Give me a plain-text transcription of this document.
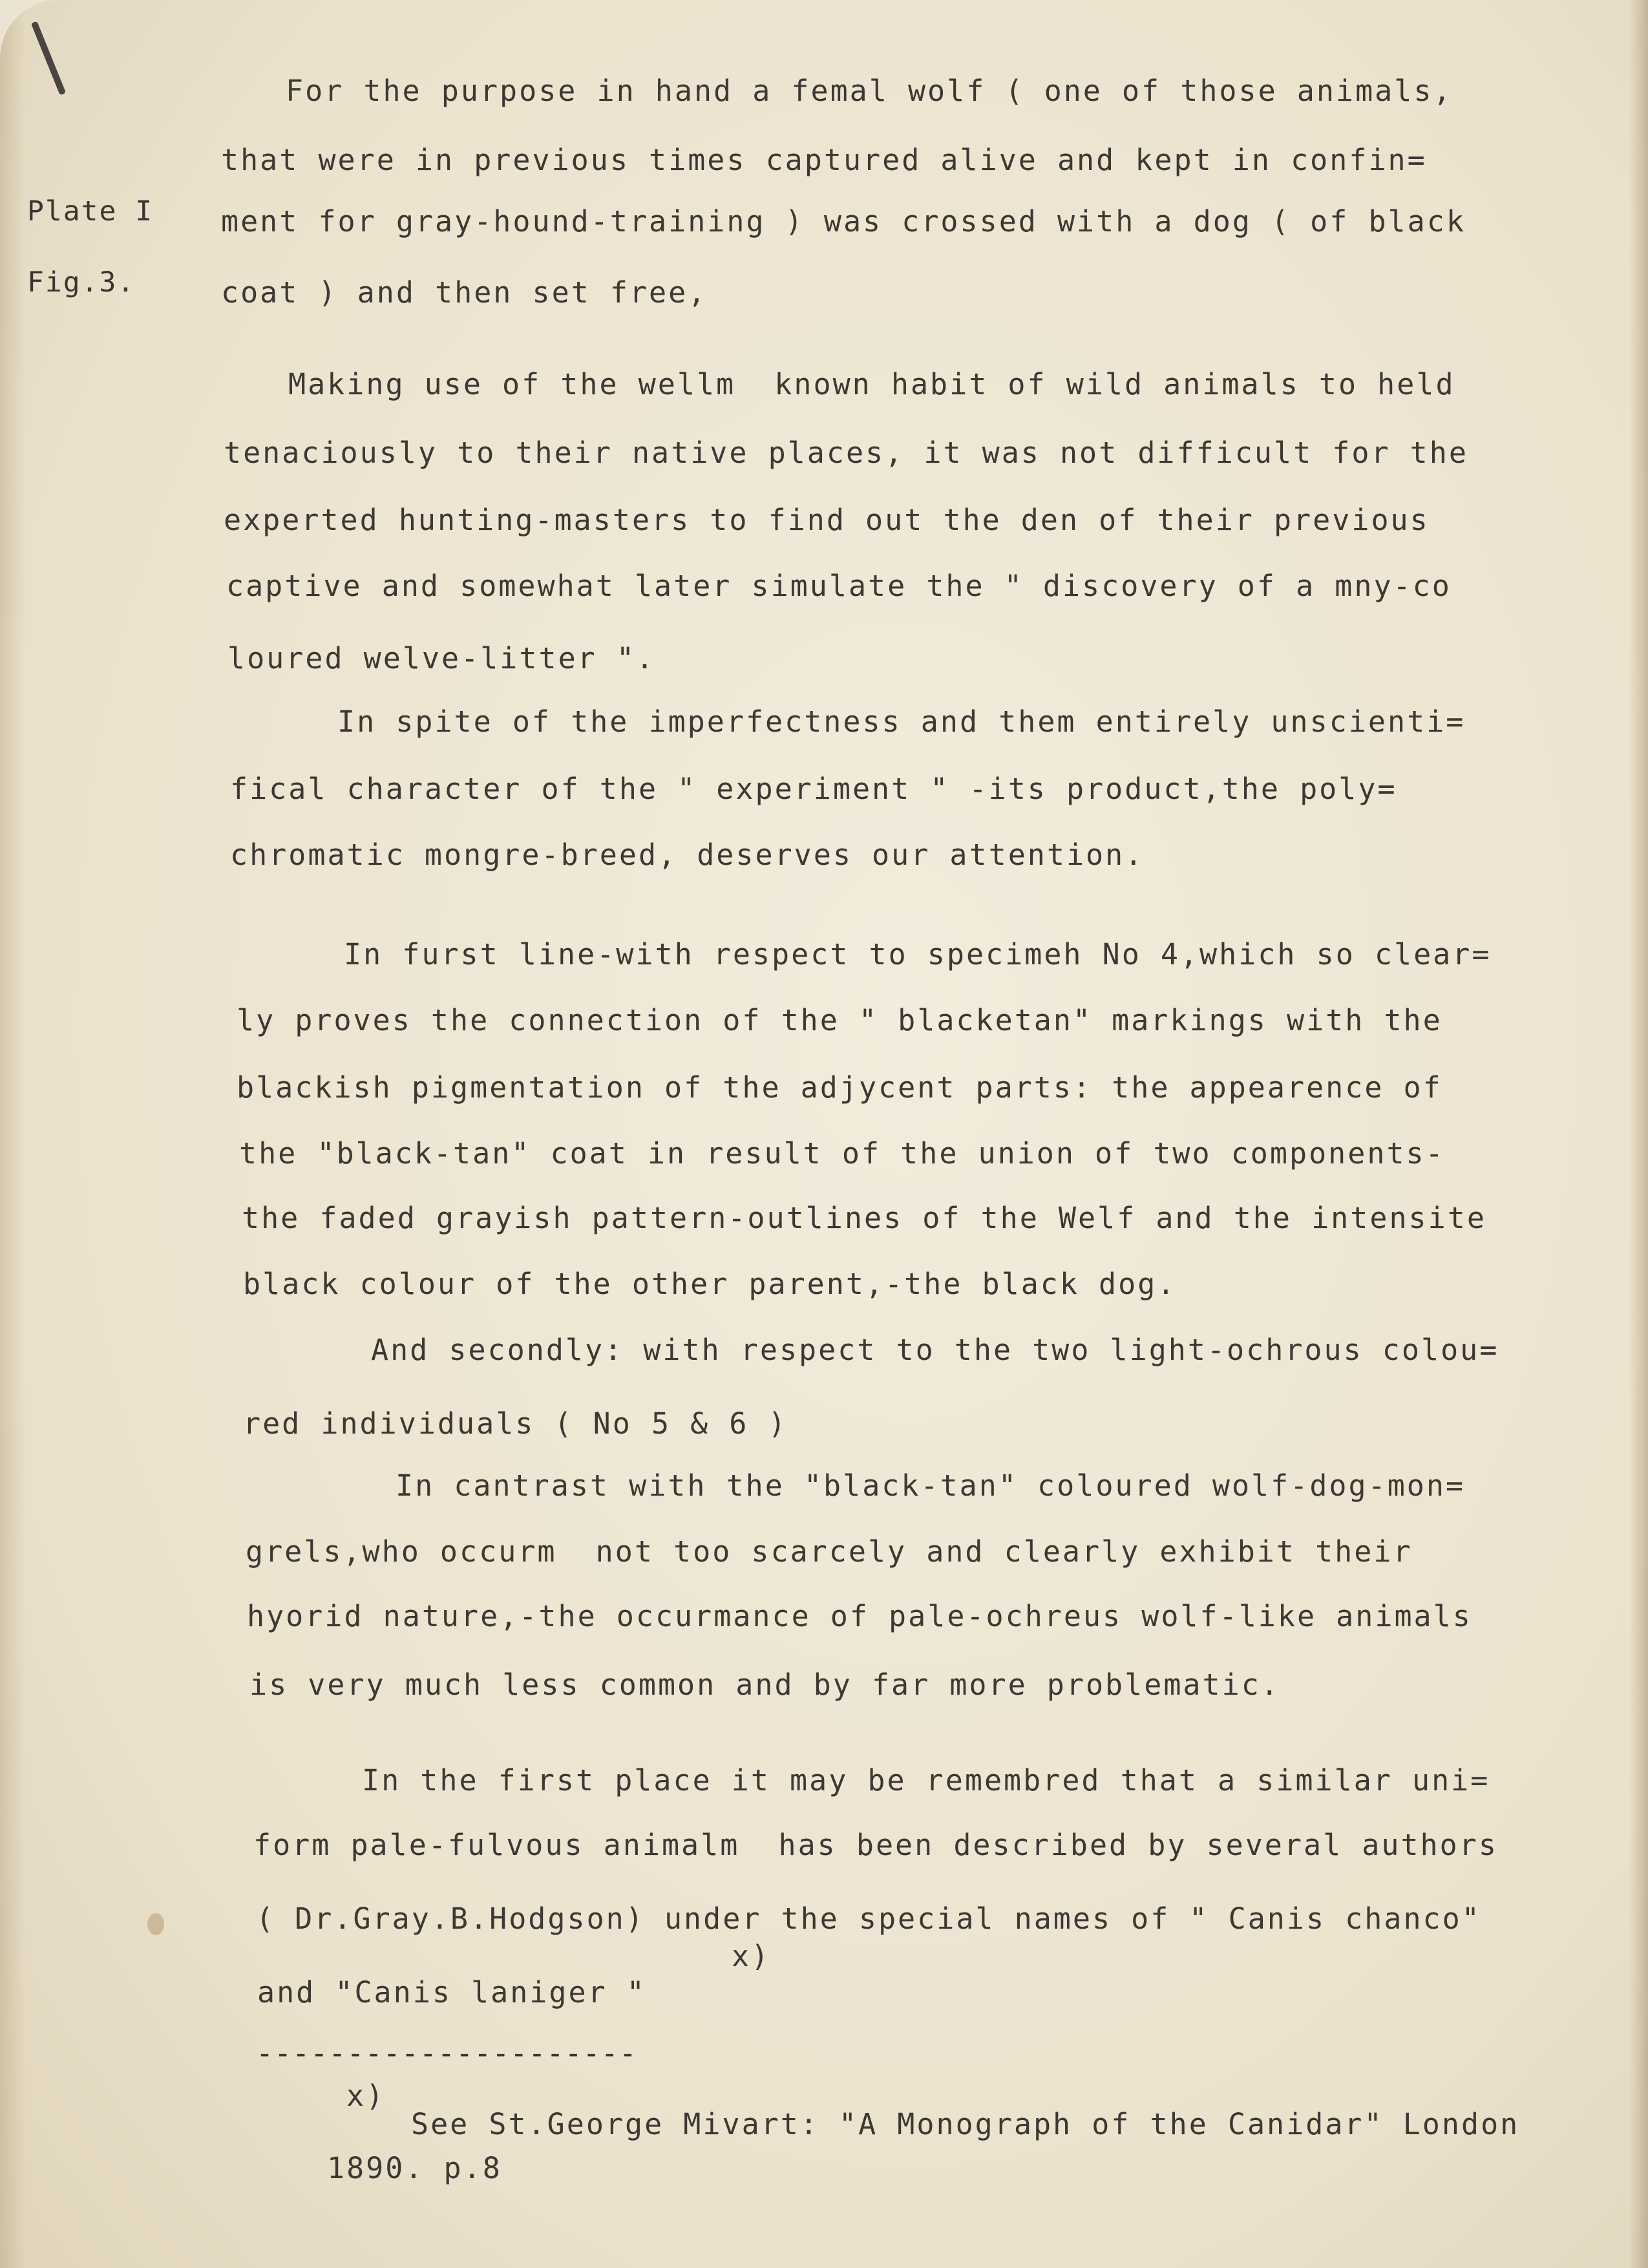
Plate I
Fig.3.
For the purpose in hand a femal wolf ( one of those animals,
that were in previous times captured alive and kept in confin=
ment for gray-hound-training ) was crossed with a dog ( of black
coat ) and then set free,
Making use of the wellm  known habit of wild animals to held
tenaciously to their native places, it was not difficult for the
experted hunting-masters to find out the den of their previous
captive and somewhat later simulate the " discovery of a mny-co
loured welve-litter ".
In spite of the imperfectness and them entirely unscienti=
fical character of the " experiment " -its product,the poly=
chromatic mongre-breed, deserves our attention.
In furst line-with respect to specimeh No 4,which so clear=
ly proves the connection of the " blacketan" markings with the
blackish pigmentation of the adjycent parts: the appearence of
the "black-tan" coat in result of the union of two components-
the faded grayish pattern-outlines of the Welf and the intensite
black colour of the other parent,-the black dog.
And secondly: with respect to the two light-ochrous colou=
red individuals ( No 5 & 6 )
In cantrast with the "black-tan" coloured wolf-dog-mon=
grels,who occurm  not too scarcely and clearly exhibit their
hyorid nature,-the occurmance of pale-ochreus wolf-like animals
is very much less common and by far more problematic.
In the first place it may be remembred that a similar uni=
form pale-fulvous animalm  has been described by several authors
( Dr.Gray.B.Hodgson) under the special names of " Canis chanco"
x)
and "Canis laniger "
---------------------
x)
See St.George Mivart: "A Monograph of the Canidar" London
1890. p.8
